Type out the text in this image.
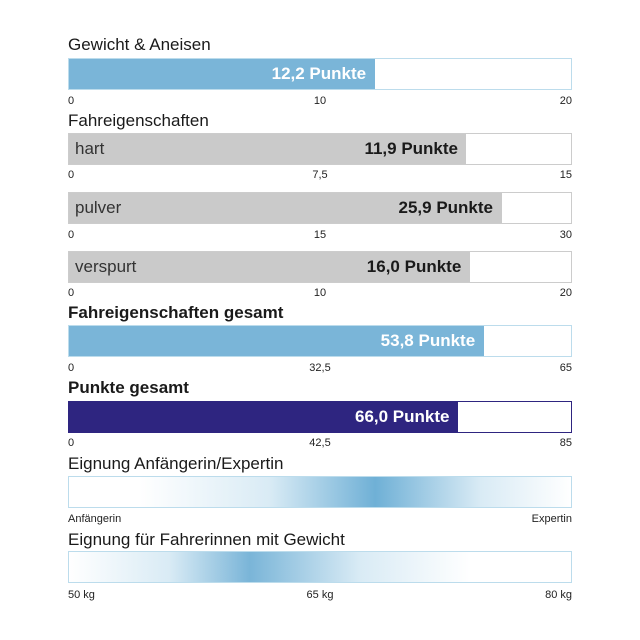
Gewicht & Aneisen
12,2 Punkte
0	10	20
Fahreigenschaften
hart	11,9 Punkte
0	7,5	15
pulver	25,9 Punkte
0	15	30
verspurt	16,0 Punkte
0	10	20
Fahreigenschaften gesamt
53,8 Punkte
0	32,5	65
Punkte gesamt
66,0 Punkte
0	42,5	85
Eignung Anfängerin/Expertin
Anfängerin	Expertin
Eignung für Fahrerinnen mit Gewicht
50 kg	65 kg	80 kg
